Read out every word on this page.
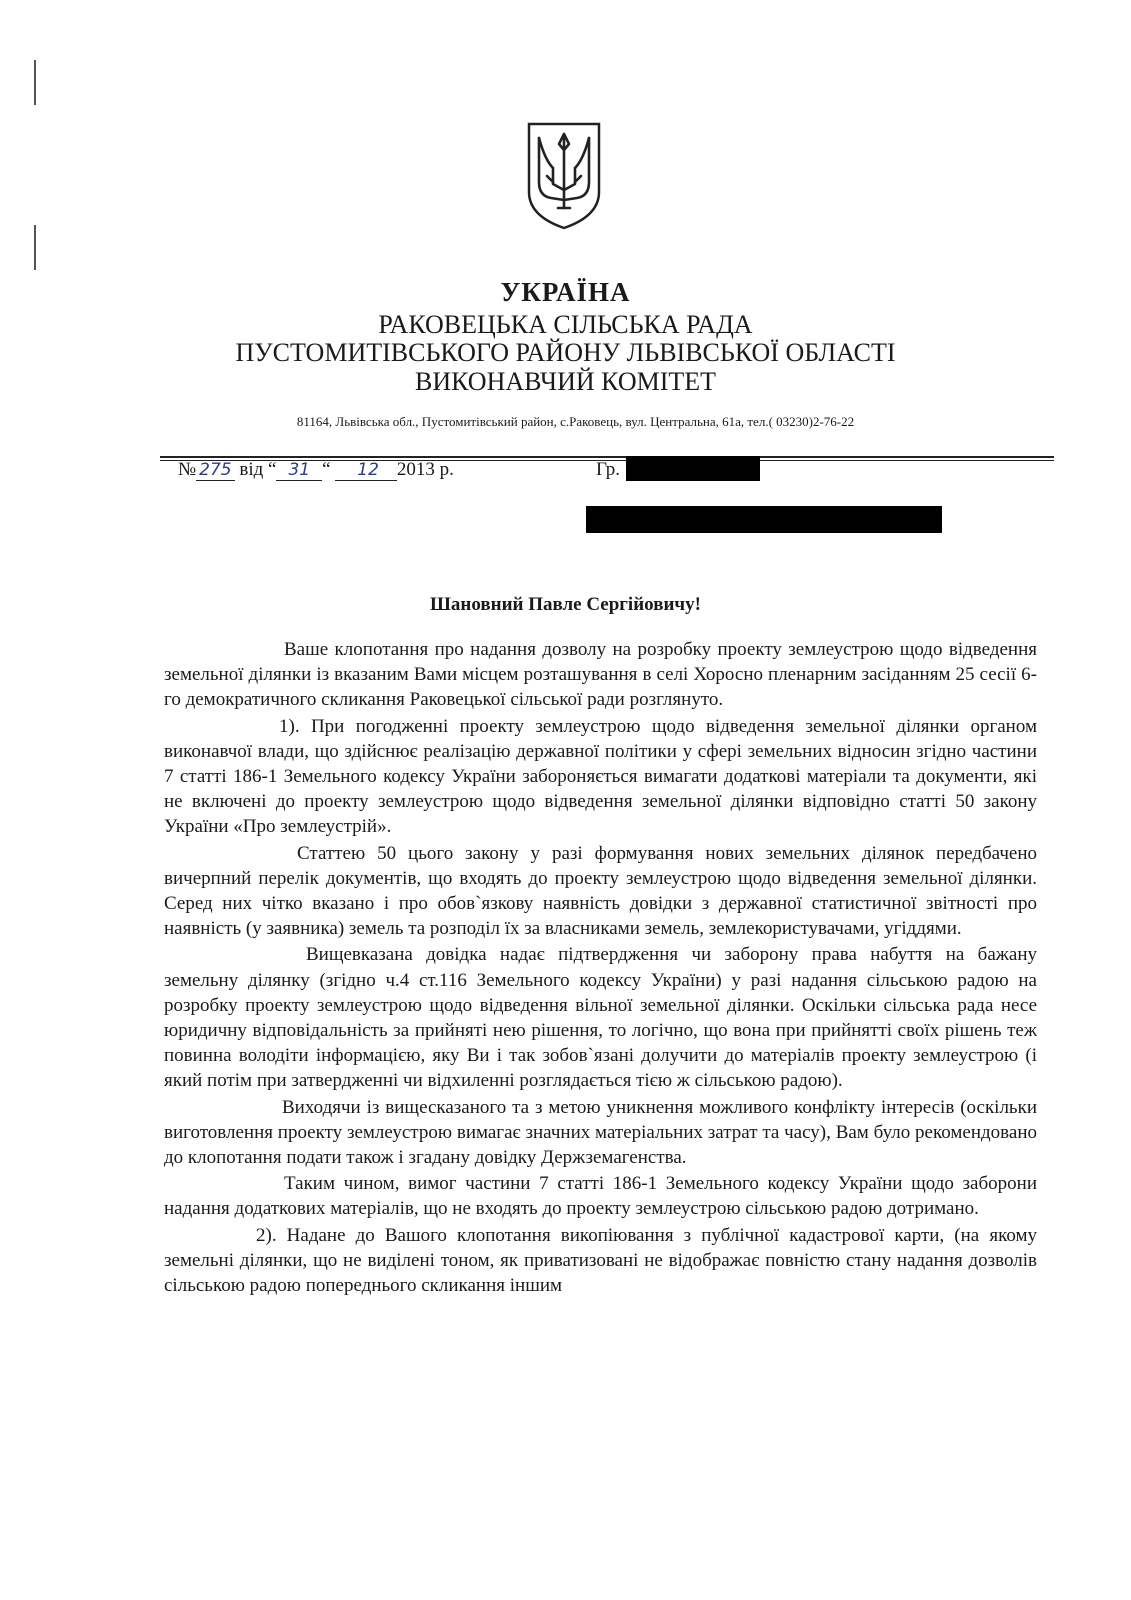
УКРАЇНА
РАКОВЕЦЬКА СІЛЬСЬКА РАДА
ПУСТОМИТІВСЬКОГО РАЙОНУ ЛЬВІВСЬКОЇ ОБЛАСТІ
ВИКОНАВЧИЙ КОМІТЕТ
81164, Львівська обл., Пустомитівський район, с.Раковець, вул. Центральна, 61а, тел.( 03230)2-76-22
№ 275 від “ 31 “ 12 2013 р.	Гр.
Шановний Павле Сергійовичу!

Ваше клопотання про надання дозволу на розробку проекту землеустрою щодо відведення земельної ділянки із вказаним Вами місцем розташування в селі Хоросно пленарним засіданням 25 сесії 6-го демократичного скликання Раковецької сільської ради розглянуто.

1). При погодженні проекту землеустрою щодо відведення земельної ділянки органом виконавчої влади, що здійснює реалізацію державної політики у сфері земельних відносин згідно частини 7 статті 186-1 Земельного кодексу України забороняється вимагати додаткові матеріали та документи, які не включені до проекту землеустрою щодо відведення земельної ділянки відповідно статті 50 закону України «Про землеустрій».

Статтею 50 цього закону у разі формування нових земельних ділянок передбачено вичерпний перелік документів, що входять до проекту землеустрою щодо відведення земельної ділянки. Серед них чітко вказано і про обов`язкову наявність довідки з державної статистичної звітності про наявність (у заявника) земель та розподіл їх за власниками земель, землекористувачами, угіддями.

Вищевказана довідка надає підтвердження чи заборону права набуття на бажану земельну ділянку (згідно ч.4 ст.116 Земельного кодексу України) у разі надання сільською радою на розробку проекту землеустрою щодо відведення вільної земельної ділянки. Оскільки сільська рада несе юридичну відповідальність за прийняті нею рішення, то логічно, що вона при прийнятті своїх рішень теж повинна володіти інформацією, яку Ви і так зобов`язані долучити до матеріалів проекту землеустрою (і який потім при затвердженні чи відхиленні розглядається тією ж сільською радою).

Виходячи із вищесказаного та з метою уникнення можливого конфлікту інтересів (оскільки виготовлення проекту землеустрою вимагає значних матеріальних затрат та часу), Вам було рекомендовано до клопотання подати також і згадану довідку Держземагенства.

Таким чином, вимог частини 7 статті 186-1 Земельного кодексу України щодо заборони надання додаткових матеріалів, що не входять до проекту землеустрою сільською радою дотримано.

2). Надане до Вашого клопотання викопіювання з публічної кадастрової карти, (на якому земельні ділянки, що не виділені тоном, як приватизовані не відображає повністю стану надання дозволів сільською радою попереднього скликання іншим
